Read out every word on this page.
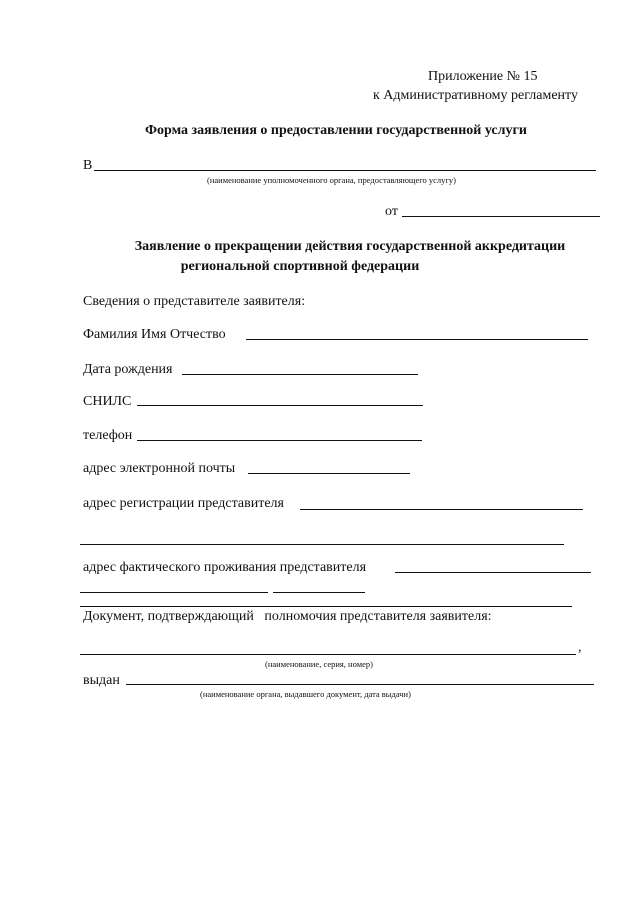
Приложение № 15
к Административному регламенту
Форма заявления о предоставлении государственной услуги
В
(наименование уполномоченного органа, предоставляющего услугу)
от
Заявление о прекращении действия государственной аккредитации
региональной спортивной федерации
Сведения о представителе заявителя:
Фамилия Имя Отчество
Дата рождения
СНИЛС
телефон
адрес электронной почты
адрес регистрации представителя
адрес фактического проживания представителя
Документ, подтверждающий   полномочия представителя заявителя:
,
(наименование, серия, номер)
выдан
(наименование органа, выдавшего документ, дата выдачи)
